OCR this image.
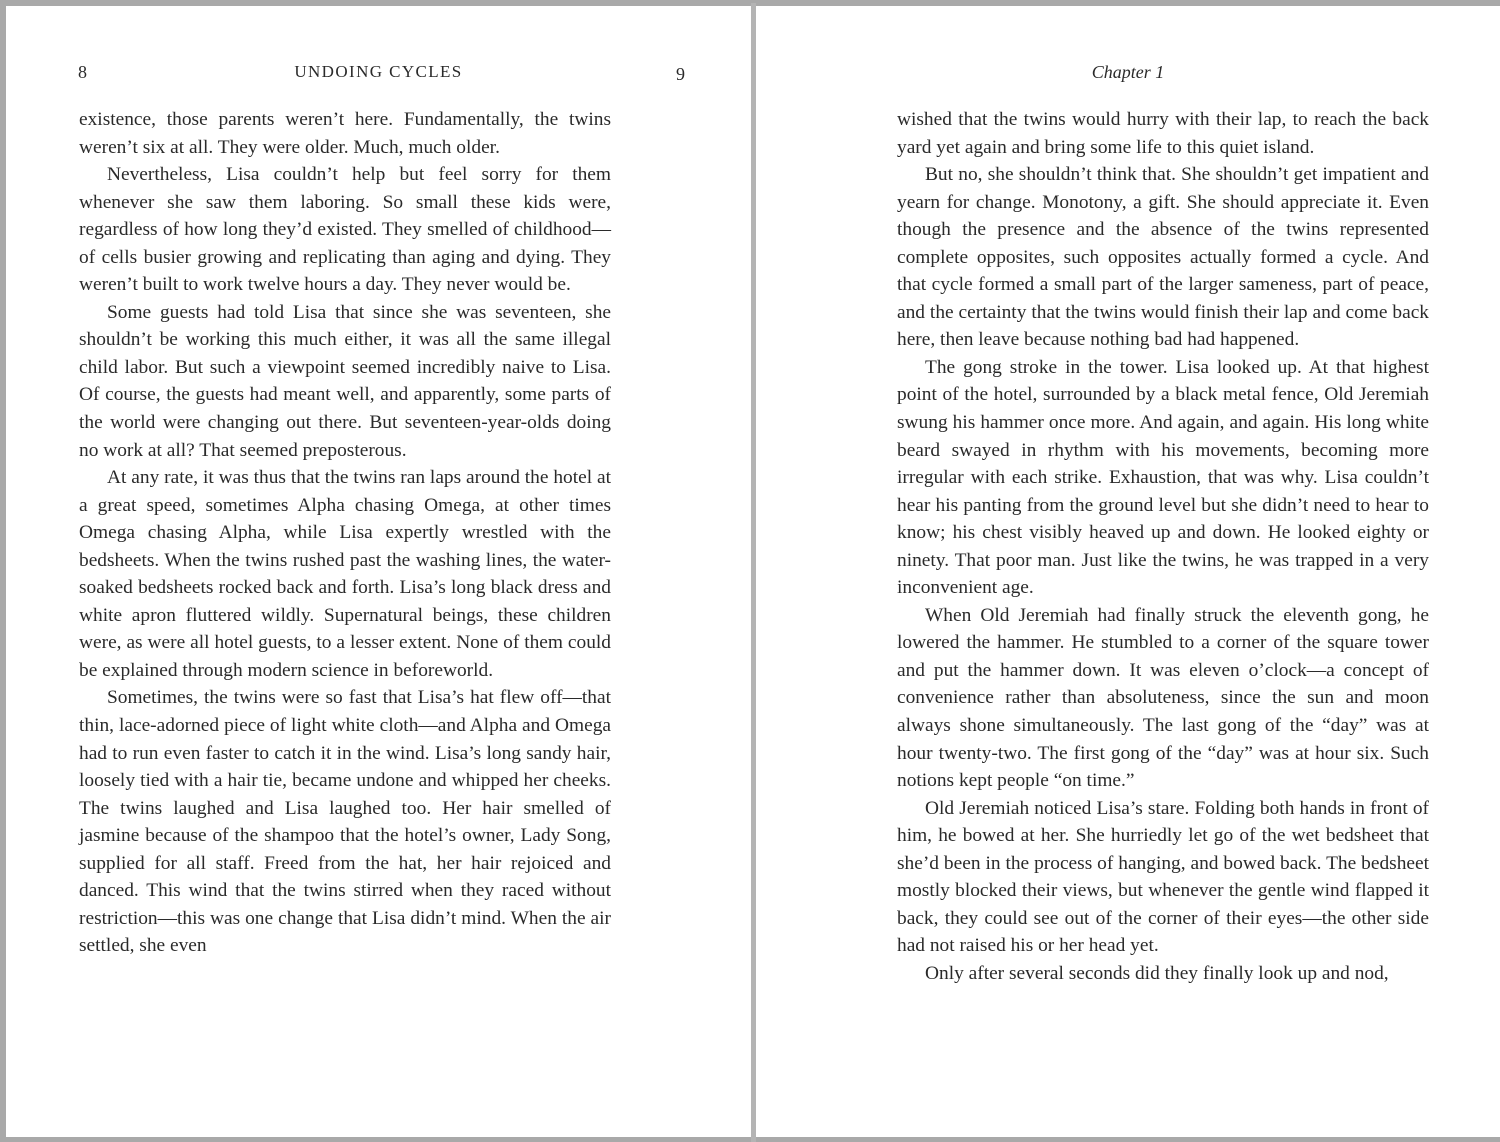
8	UNDOING CYCLES

existence, those parents weren’t here. Fundamentally, the twins weren’t six at all. They were older. Much, much older.

Nevertheless, Lisa couldn’t help but feel sorry for them whenever she saw them laboring. So small these kids were, regardless of how long they’d existed. They smelled of childhood—of cells busier growing and replicating than aging and dying. They weren’t built to work twelve hours a day. They never would be.

Some guests had told Lisa that since she was seventeen, she shouldn’t be working this much either, it was all the same illegal child labor. But such a viewpoint seemed incredibly naive to Lisa. Of course, the guests had meant well, and apparently, some parts of the world were changing out there. But seventeen-year-olds doing no work at all? That seemed preposterous.

At any rate, it was thus that the twins ran laps around the hotel at a great speed, sometimes Alpha chasing Omega, at other times Omega chasing Alpha, while Lisa expertly wrestled with the bedsheets. When the twins rushed past the washing lines, the water-soaked bedsheets rocked back and forth. Lisa’s long black dress and white apron fluttered wildly. Supernatural beings, these children were, as were all hotel guests, to a lesser extent. None of them could be explained through modern science in beforeworld.

Sometimes, the twins were so fast that Lisa’s hat flew off—that thin, lace-adorned piece of light white cloth—and Alpha and Omega had to run even faster to catch it in the wind. Lisa’s long sandy hair, loosely tied with a hair tie, became undone and whipped her cheeks. The twins laughed and Lisa laughed too. Her hair smelled of jasmine because of the shampoo that the hotel’s owner, Lady Song, supplied for all staff. Freed from the hat, her hair rejoiced and danced. This wind that the twins stirred when they raced without restriction—this was one change that Lisa didn’t mind. When the air settled, she even

Chapter 1
9

wished that the twins would hurry with their lap, to reach the back yard yet again and bring some life to this quiet island.

But no, she shouldn’t think that. She shouldn’t get impatient and yearn for change. Monotony, a gift. She should appreciate it. Even though the presence and the absence of the twins represented complete opposites, such opposites actually formed a cycle. And that cycle formed a small part of the larger sameness, part of peace, and the certainty that the twins would finish their lap and come back here, then leave because nothing bad had happened.

The gong stroke in the tower. Lisa looked up. At that highest point of the hotel, surrounded by a black metal fence, Old Jeremiah swung his hammer once more. And again, and again. His long white beard swayed in rhythm with his movements, becoming more irregular with each strike. Exhaustion, that was why. Lisa couldn’t hear his panting from the ground level but she didn’t need to hear to know; his chest visibly heaved up and down. He looked eighty or ninety. That poor man. Just like the twins, he was trapped in a very inconvenient age.

When Old Jeremiah had finally struck the eleventh gong, he lowered the hammer. He stumbled to a corner of the square tower and put the hammer down. It was eleven o’clock—a concept of convenience rather than absoluteness, since the sun and moon always shone simultaneously. The last gong of the “day” was at hour twenty-two. The first gong of the “day” was at hour six. Such notions kept people “on time.”

Old Jeremiah noticed Lisa’s stare. Folding both hands in front of him, he bowed at her. She hurriedly let go of the wet bedsheet that she’d been in the process of hanging, and bowed back. The bedsheet mostly blocked their views, but whenever the gentle wind flapped it back, they could see out of the corner of their eyes—the other side had not raised his or her head yet.

Only after several seconds did they finally look up and nod,
